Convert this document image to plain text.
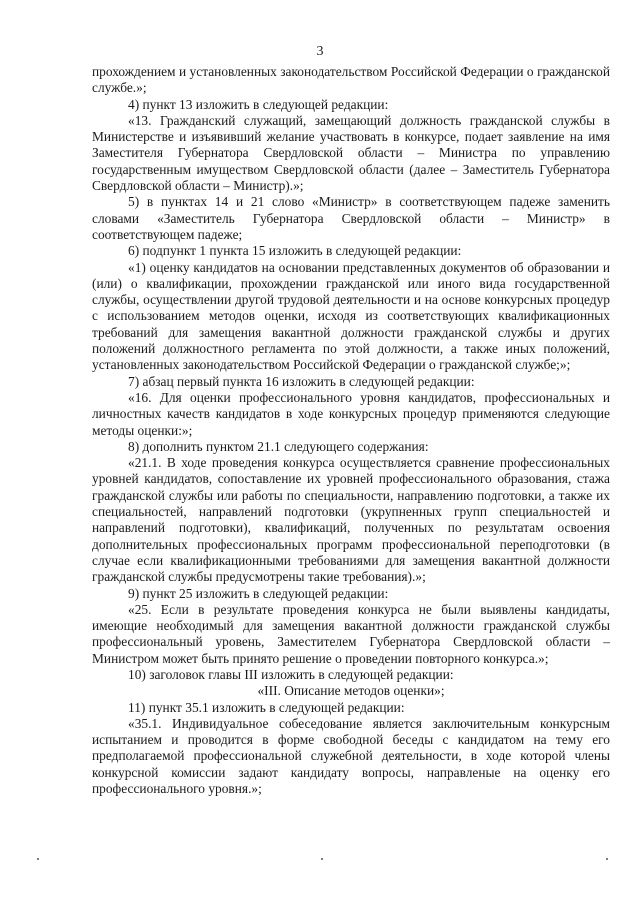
3

прохождением и установленных законодательством Российской Федерации о гражданской службе.»;

4) пункт 13 изложить в следующей редакции:

«13. Гражданский служащий, замещающий должность гражданской службы в Министерстве и изъявивший желание участвовать в конкурсе, подает заявление на имя Заместителя Губернатора Свердловской области – Министра по управлению государственным имуществом Свердловской области (далее – Заместитель Губернатора Свердловской области – Министр).»;

5) в пунктах 14 и 21 слово «Министр» в соответствующем падеже заменить словами «Заместитель Губернатора Свердловской области – Министр» в соответствующем падеже;

6) подпункт 1 пункта 15 изложить в следующей редакции:

«1) оценку кандидатов на основании представленных документов об образовании и (или) о квалификации, прохождении гражданской или иного вида государственной службы, осуществлении другой трудовой деятельности и на основе конкурсных процедур с использованием методов оценки, исходя из соответствующих квалификационных требований для замещения вакантной должности гражданской службы и других положений должностного регламента по этой должности, а также иных положений, установленных законодательством Российской Федерации о гражданской службе;»;

7) абзац первый пункта 16 изложить в следующей редакции:

«16. Для оценки профессионального уровня кандидатов, профессиональных и личностных качеств кандидатов в ходе конкурсных процедур применяются следующие методы оценки:»;

8) дополнить пунктом 21.1 следующего содержания:

«21.1. В ходе проведения конкурса осуществляется сравнение профессиональных уровней кандидатов, сопоставление их уровней профессионального образования, стажа гражданской службы или работы по специальности, направлению подготовки, а также их специальностей, направлений подготовки (укрупненных групп специальностей и направлений подготовки), квалификаций, полученных по результатам освоения дополнительных профессиональных программ профессиональной переподготовки (в случае если квалификационными требованиями для замещения вакантной должности гражданской службы предусмотрены такие требования).»;

9) пункт 25 изложить в следующей редакции:

«25. Если в результате проведения конкурса не были выявлены кандидаты, имеющие необходимый для замещения вакантной должности гражданской службы профессиональный уровень, Заместителем Губернатора Свердловской области – Министром может быть принято решение о проведении повторного конкурса.»;

10) заголовок главы III изложить в следующей редакции:

«III. Описание методов оценки»;

11) пункт 35.1 изложить в следующей редакции:

«35.1. Индивидуальное собеседование является заключительным конкурсным испытанием и проводится в форме свободной беседы с кандидатом на тему его предполагаемой профессиональной служебной деятельности, в ходе которой члены конкурсной комиссии задают кандидату вопросы, направленые на оценку его профессионального уровня.»;
